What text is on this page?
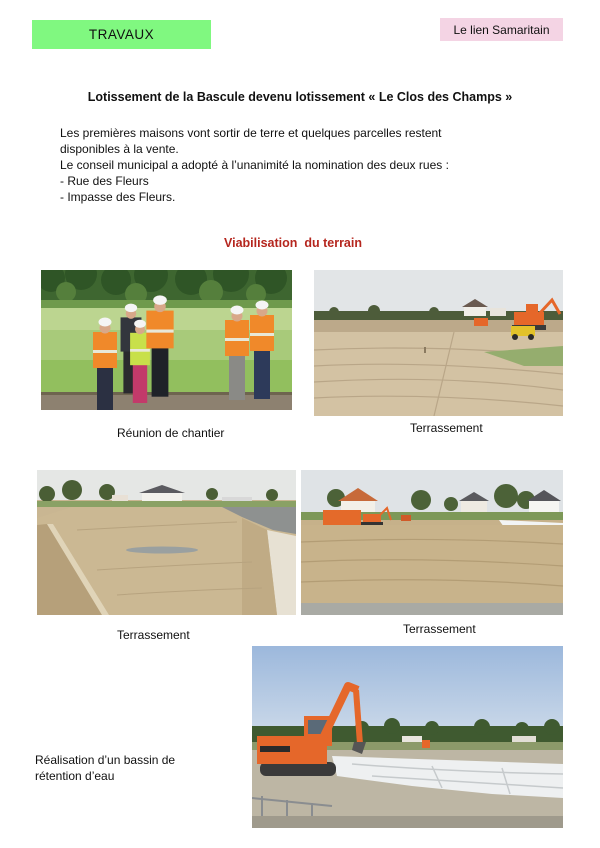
TRAVAUX	Le lien Samaritain
Lotissement de la Bascule devenu lotissement « Le Clos des Champs »
Les premières maisons vont sortir de terre et quelques parcelles restent
disponibles à la vente.
Le conseil municipal a adopté à l’unanimité la nomination des deux rues :
- Rue des Fleurs
- Impasse des Fleurs.
Viabilisation  du terrain
Réunion de chantier	Terrassement
Terrassement	Terrassement
Réalisation d’un bassin de
rétention d’eau
